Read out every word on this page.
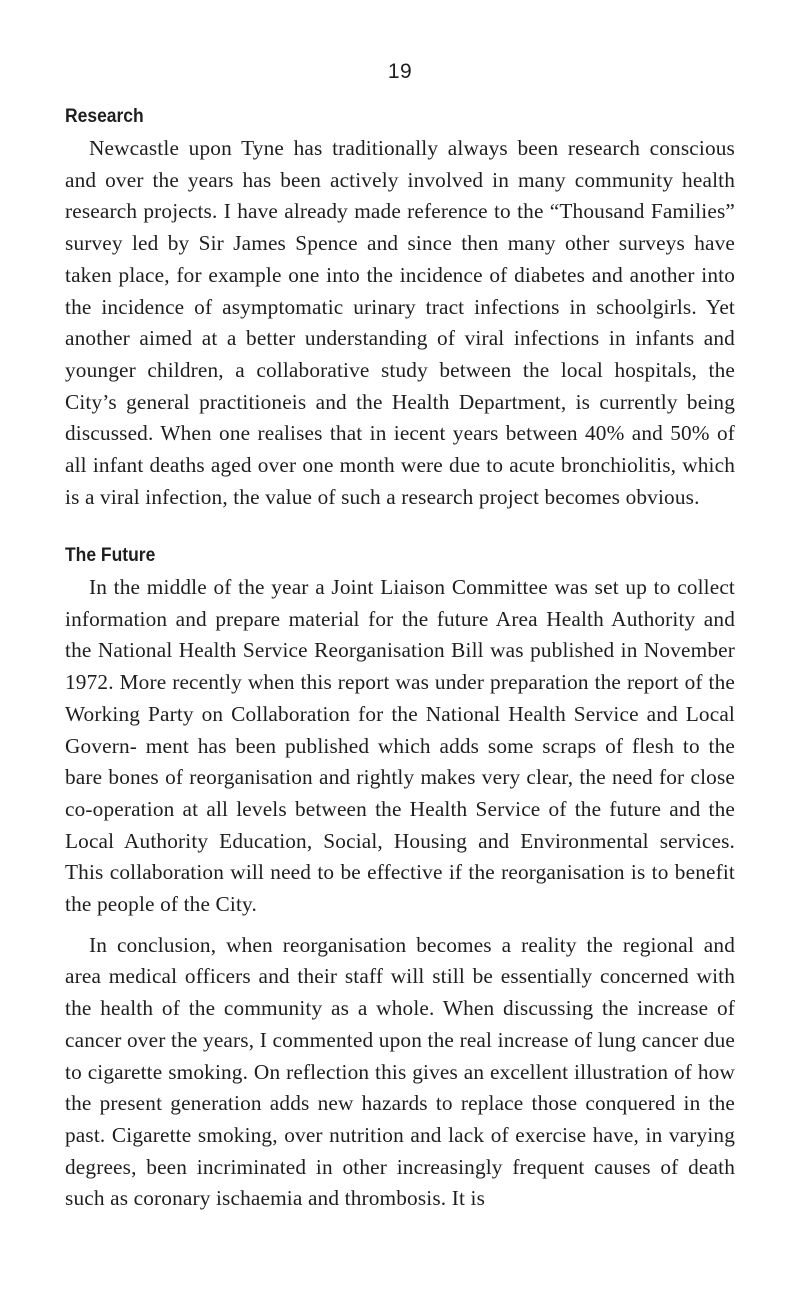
19
Research

Newcastle upon Tyne has traditionally always been research conscious and over the years has been actively involved in many community health research projects. I have already made reference to the “Thousand Families” survey led by Sir James Spence and since then many other surveys have taken place, for example one into the incidence of diabetes and another into the incidence of asymptomatic urinary tract infections in schoolgirls. Yet another aimed at a better understanding of viral infections in infants and younger children, a collaborative study between the local hospitals, the City’s general practitioneis and the Health Department, is currently being discussed. When one realises that in iecent years between 40% and 50% of all infant deaths aged over one month were due to acute bronchiolitis, which is a viral infection, the value of such a research project becomes obvious.

The Future

In the middle of the year a Joint Liaison Committee was set up to collect information and prepare material for the future Area Health Authority and the National Health Service Reorganisation Bill was published in November 1972. More recently when this report was under preparation the report of the Working Party on Collaboration for the National Health Service and Local Govern- ment has been published which adds some scraps of flesh to the bare bones of reorganisation and rightly makes very clear, the need for close co-operation at all levels between the Health Service of the future and the Local Authority Education, Social, Housing and Environmental services. This collaboration will need to be effective if the reorganisation is to benefit the people of the City.

In conclusion, when reorganisation becomes a reality the regional and area medical officers and their staff will still be essentially concerned with the health of the community as a whole. When discussing the increase of cancer over the years, I commented upon the real increase of lung cancer due to cigarette smoking. On reflection this gives an excellent illustration of how the present generation adds new hazards to replace those conquered in the past. Cigarette smoking, over nutrition and lack of exercise have, in varying degrees, been incriminated in other increasingly frequent causes of death such as coronary ischaemia and thrombosis. It is
